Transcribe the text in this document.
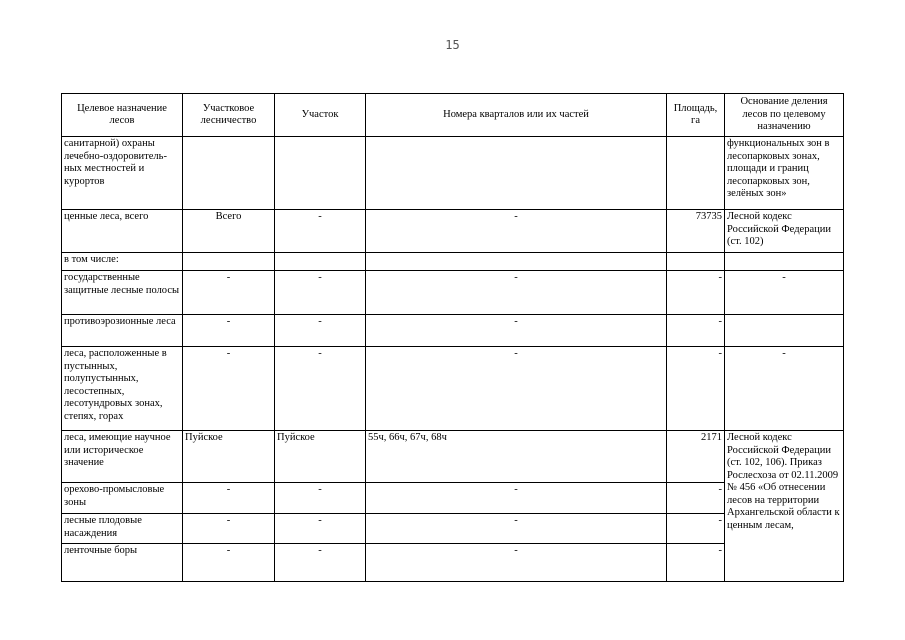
15
Целевое назначение лесов	Участковое лесничество	Участок	Номера кварталов или их частей	Площадь, га	Основание деления лесов по целевому назначению
санитарной) охраны лечебно-оздоровитель-ных местностей и курортов					функциональных зон в лесопарковых зонах, площади и границ лесопарковых зон, зелёных зон»
ценные леса, всего	Всего	-	-	73735	Лесной кодекс Российской Федерации (ст. 102)
в том числе:					
государственные защитные лесные полосы	-	-	-	-	-
противоэрозионные леса	-	-	-	-	
леса, расположенные в пустынных, полупустынных, лесостепных, лесотундровых зонах, степях, горах	-	-	-	-	-
леса, имеющие научное или историческое значение	Пуйское	Пуйское	55ч, 66ч, 67ч, 68ч	2171	Лесной кодекс Российской Федерации (ст. 102, 106). Приказ Рослесхоза от 02.11.2009 № 456 «Об отнесении лесов на территории Архангельской области к ценным лесам,
орехово-промысловые зоны	-	-	-	-	
лесные плодовые насаждения	-	-	-	-	
ленточные боры	-	-	-	-	
